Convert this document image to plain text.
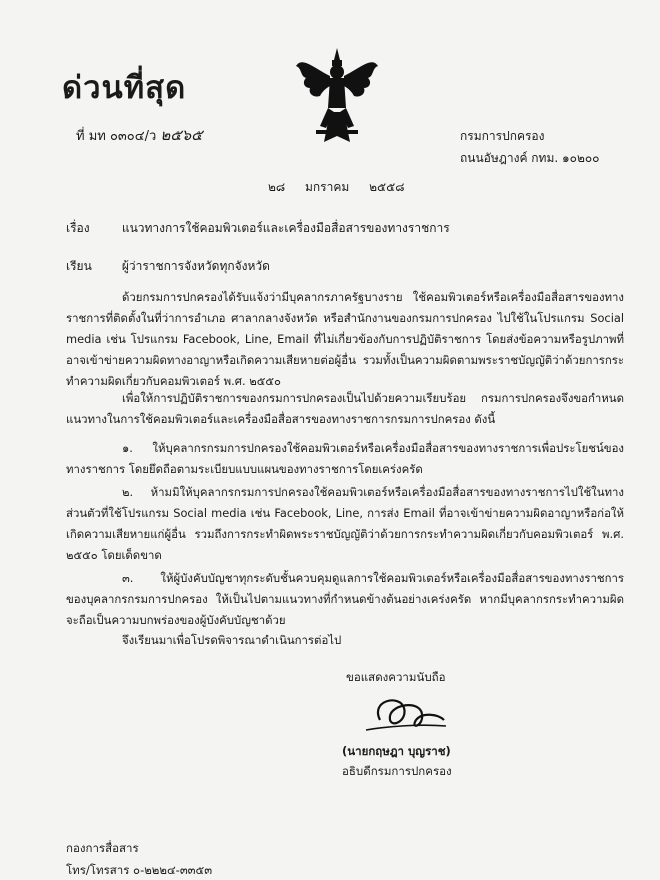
ด่วนที่สุด
ที่ มท ๐๓๐๔/ว ๒๕๖๕	กรมการปกครอง
ถนนอัษฎางค์ กทม. ๑๐๒๐๐
๒๘ มกราคม ๒๕๕๘
เรื่อง	แนวทางการใช้คอมพิวเตอร์และเครื่องมือสื่อสารของทางราชการ
เรียน	ผู้ว่าราชการจังหวัดทุกจังหวัด
ด้วยกรมการปกครองได้รับแจ้งว่ามีบุคลากรภาครัฐบางราย ใช้คอมพิวเตอร์หรือเครื่องมือสื่อสารของทางราชการที่ติดตั้งในที่ว่าการอำเภอ ศาลากลางจังหวัด หรือสำนักงานของกรมการปกครอง ไปใช้ในโปรแกรม Social media เช่น โปรแกรม Facebook, Line, Email ที่ไม่เกี่ยวข้องกับการปฏิบัติราชการ โดยส่งข้อความหรือรูปภาพที่อาจเข้าข่ายความผิดทางอาญาหรือเกิดความเสียหายต่อผู้อื่น รวมทั้งเป็นความผิดตามพระราชบัญญัติว่าด้วยการกระทำความผิดเกี่ยวกับคอมพิวเตอร์ พ.ศ. ๒๕๕๐
เพื่อให้การปฏิบัติราชการของกรมการปกครองเป็นไปด้วยความเรียบร้อย กรมการปกครองจึงขอกำหนดแนวทางในการใช้คอมพิวเตอร์และเครื่องมือสื่อสารของทางราชการกรมการปกครอง ดังนี้
๑. ให้บุคลากรกรมการปกครองใช้คอมพิวเตอร์หรือเครื่องมือสื่อสารของทางราชการเพื่อประโยชน์ของทางราชการ โดยยึดถือตามระเบียบแบบแผนของทางราชการโดยเคร่งครัด
๒. ห้ามมิให้บุคลากรกรมการปกครองใช้คอมพิวเตอร์หรือเครื่องมือสื่อสารของทางราชการไปใช้ในทางส่วนตัวที่ใช้โปรแกรม Social media เช่น Facebook, Line, การส่ง Email ที่อาจเข้าข่ายความผิดอาญาหรือก่อให้เกิดความเสียหายแก่ผู้อื่น รวมถึงการกระทำผิดพระราชบัญญัติว่าด้วยการกระทำความผิดเกี่ยวกับคอมพิวเตอร์ พ.ศ. ๒๕๕๐ โดยเด็ดขาด
๓. ให้ผู้บังคับบัญชาทุกระดับชั้นควบคุมดูแลการใช้คอมพิวเตอร์หรือเครื่องมือสื่อสารของทางราชการ ของบุคลากรกรมการปกครอง ให้เป็นไปตามแนวทางที่กำหนดข้างต้นอย่างเคร่งครัด หากมีบุคลากรกระทำความผิด จะถือเป็นความบกพร่องของผู้บังคับบัญชาด้วย
จึงเรียนมาเพื่อโปรดพิจารณาดำเนินการต่อไป
ขอแสดงความนับถือ
(นายกฤษฎา บุญราช)
อธิบดีกรมการปกครอง
กองการสื่อสาร
โทร/โทรสาร ๐-๒๒๒๔-๓๓๕๓
